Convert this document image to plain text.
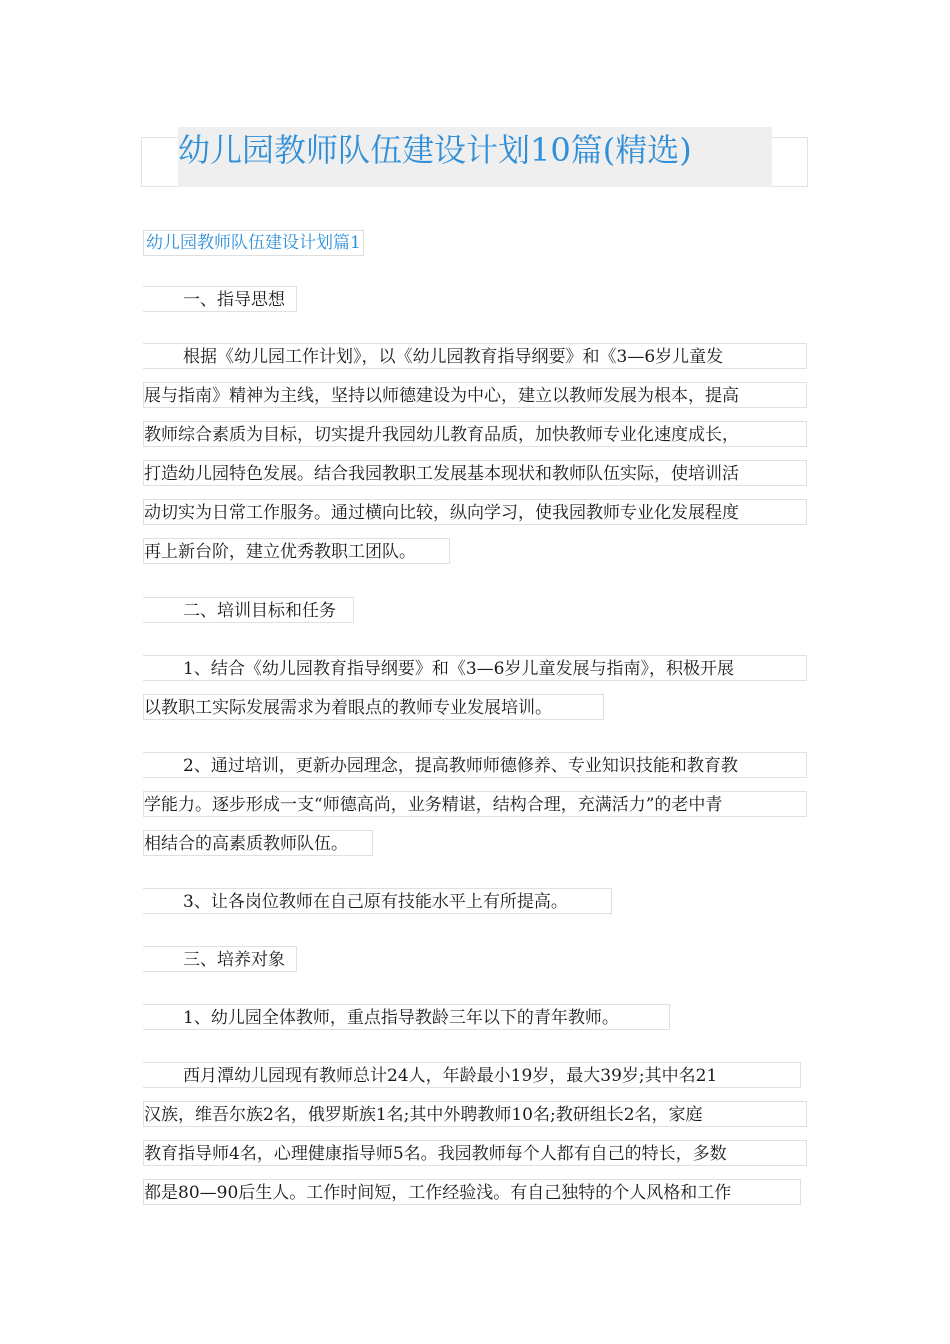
幼儿园教师队伍建设计划10篇(精选)
幼儿园教师队伍建设计划篇1
一、指导思想
根据《幼儿园工作计划》，以《幼儿园教育指导纲要》和《3—6岁儿童发
展与指南》精神为主线，坚持以师德建设为中心，建立以教师发展为根本，提高
教师综合素质为目标，切实提升我园幼儿教育品质，加快教师专业化速度成长，
打造幼儿园特色发展。结合我园教职工发展基本现状和教师队伍实际，使培训活
动切实为日常工作服务。通过横向比较，纵向学习，使我园教师专业化发展程度
再上新台阶，建立优秀教职工团队。
二、培训目标和任务
1、结合《幼儿园教育指导纲要》和《3—6岁儿童发展与指南》，积极开展
以教职工实际发展需求为着眼点的教师专业发展培训。
2、通过培训，更新办园理念，提高教师师德修养、专业知识技能和教育教
学能力。逐步形成一支“师德高尚，业务精谌，结构合理，充满活力”的老中青
相结合的高素质教师队伍。
3、让各岗位教师在自己原有技能水平上有所提高。
三、培养对象
1、幼儿园全体教师，重点指导教龄三年以下的青年教师。
西月潭幼儿园现有教师总计24人，年龄最小19岁，最大39岁;其中名21
汉族，维吾尔族2名，俄罗斯族1名;其中外聘教师10名;教研组长2名，家庭
教育指导师4名，心理健康指导师5名。我园教师每个人都有自己的特长，多数
都是80—90后生人。工作时间短，工作经验浅。有自己独特的个人风格和工作
